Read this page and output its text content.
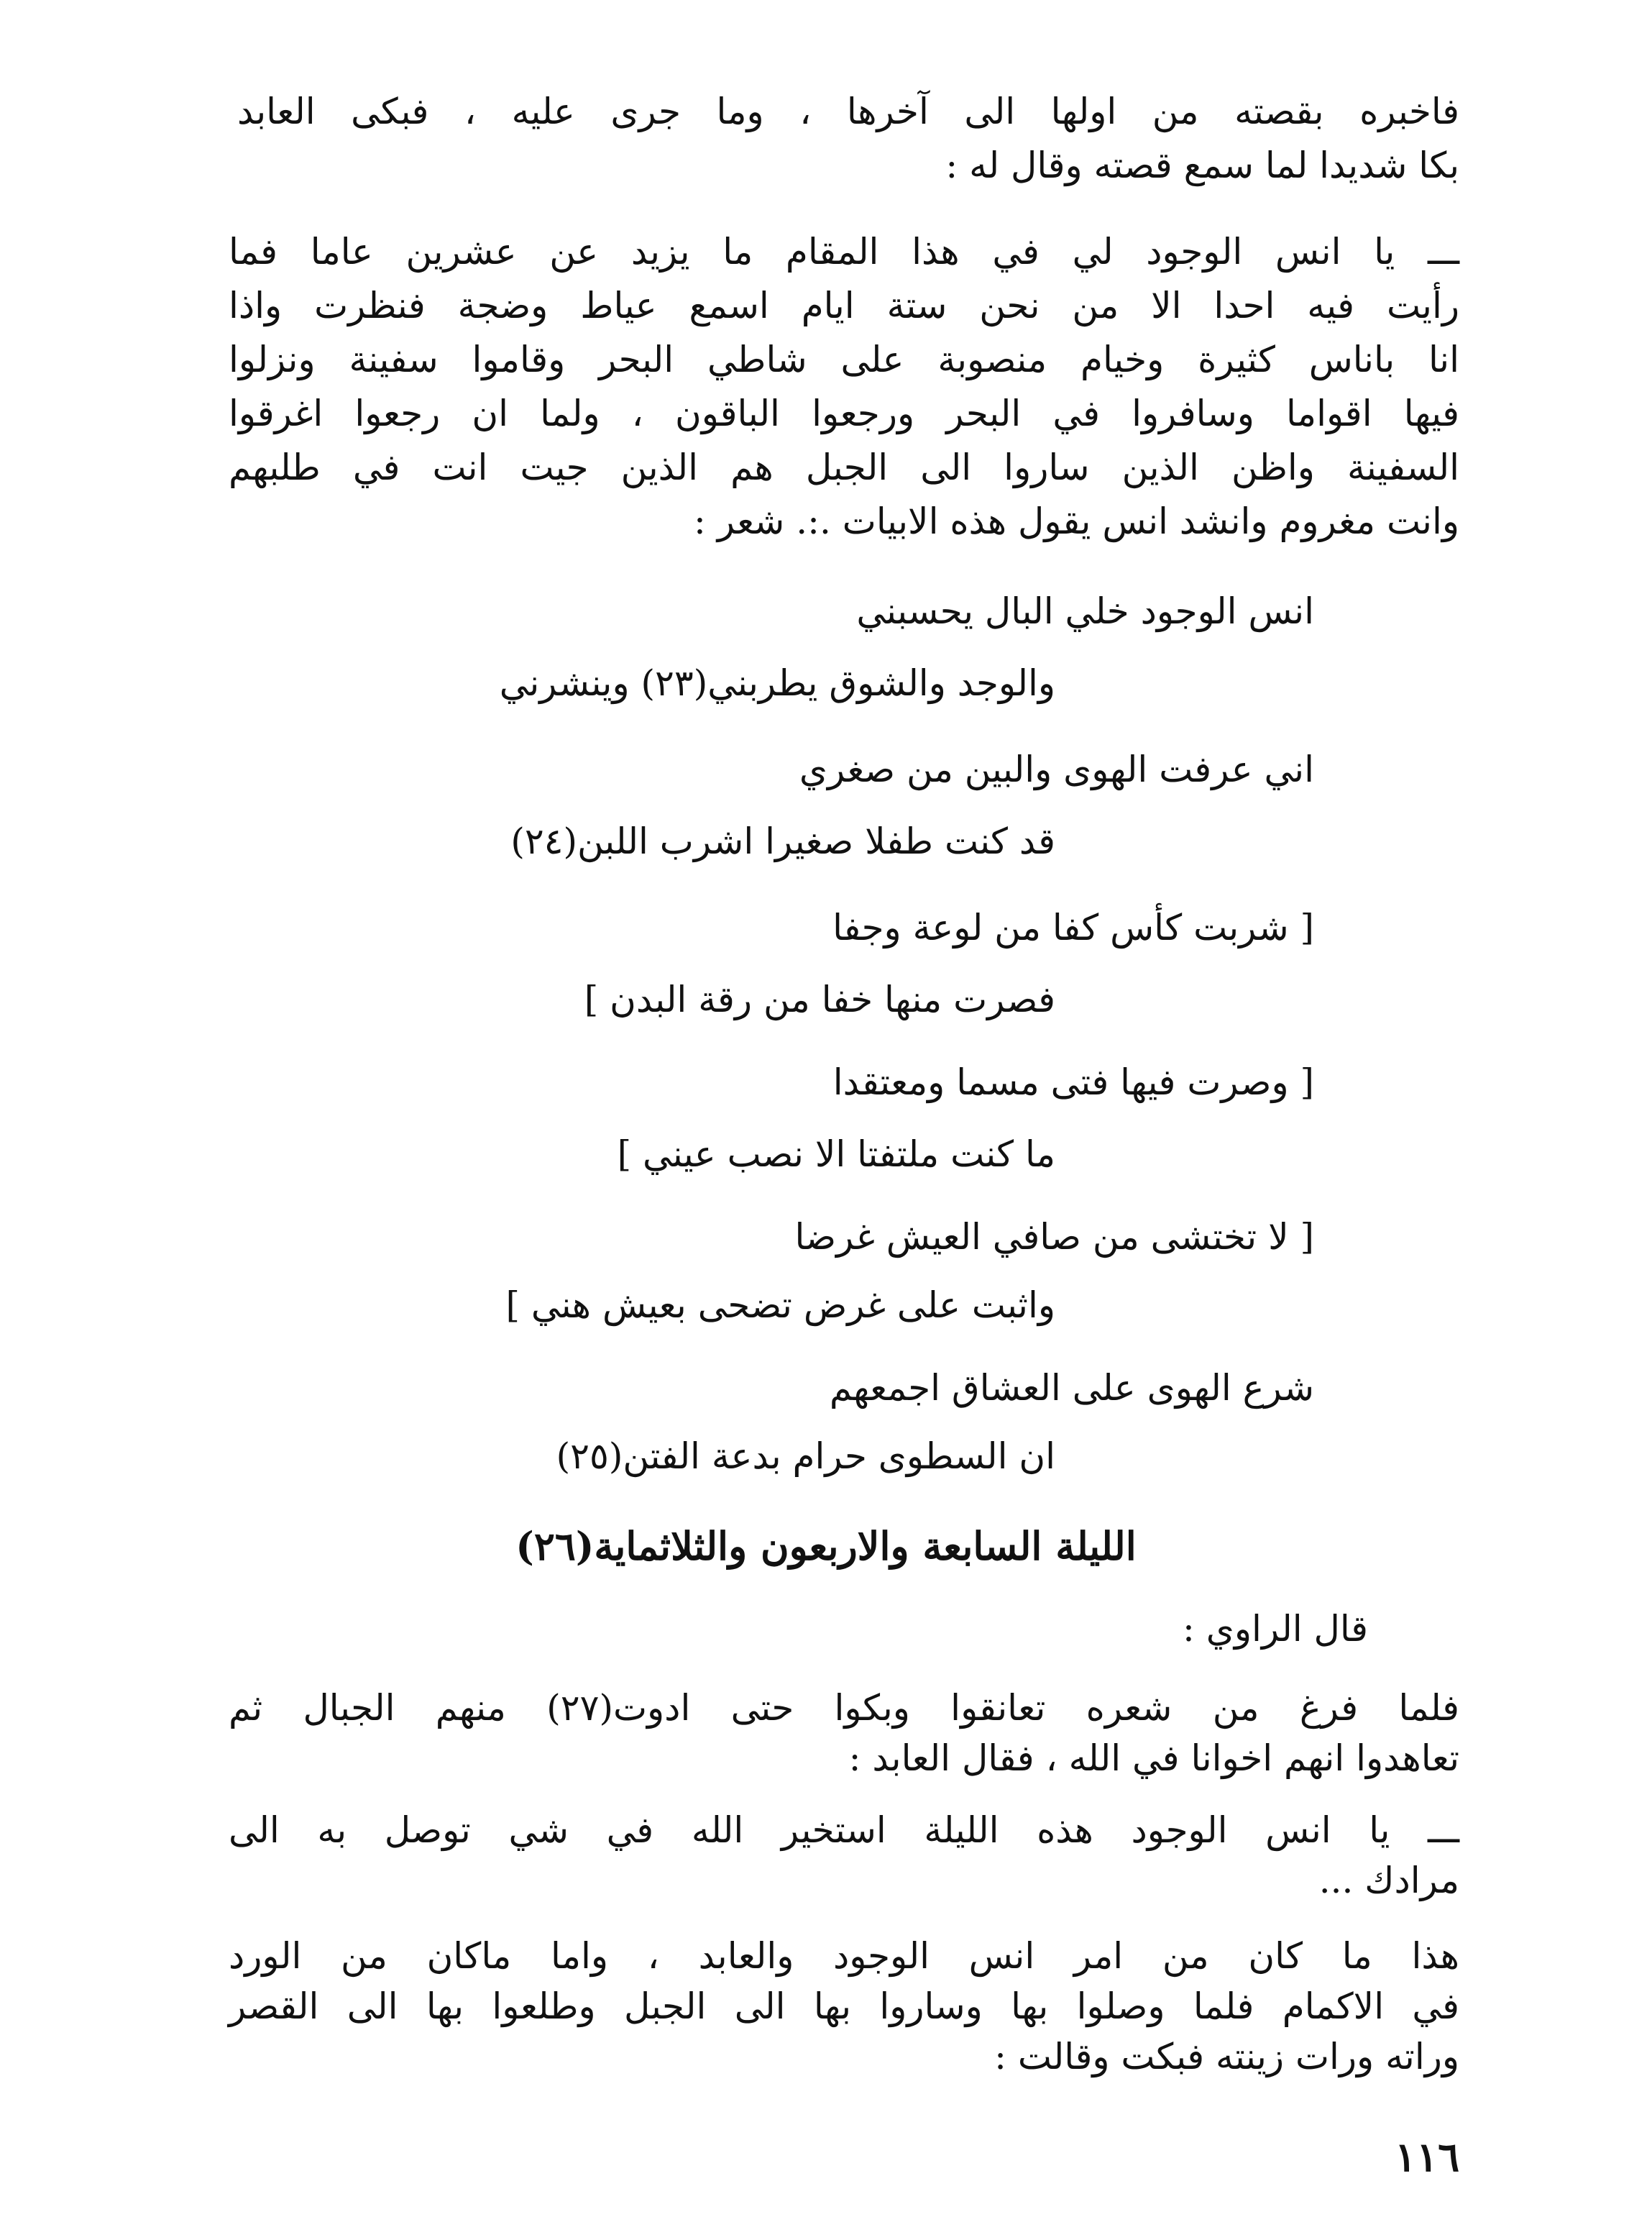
فاخبره بقصته من اولها الى آخرها ، وما جرى عليه ، فبكى العابد
بكا شديدا لما سمع قصته وقال له :
ـــ يا انس الوجود لي في هذا المقام ما يزيد عن عشرين عاما فما
رأيت فيه احدا الا من نحن ستة ايام اسمع عياط وضجة فنظرت واذا
انا باناس كثيرة وخيام منصوبة على شاطي البحر وقاموا سفينة ونزلوا
فيها اقواما وسافروا في البحر ورجعوا الباقون ، ولما ان رجعوا اغرقوا
السفينة واظن الذين ساروا الى الجبل هم الذين جيت انت في طلبهم
وانت مغروم وانشد انس يقول هذه الابيات .:. شعر :
انس الوجود خلي البال يحسبني
والوجد والشوق يطربني(٢٣) وينشرني
اني عرفت الهوى والبين من صغري
قد كنت طفلا صغيرا اشرب اللبن(٢٤)
[ شربت كأس كفا من لوعة وجفا
فصرت منها خفا من رقة البدن ]
[ وصرت فيها فتى مسما ومعتقدا
ما كنت ملتفتا الا نصب عيني ]
[ لا تختشى من صافي العيش غرضا
واثبت على غرض تضحى بعيش هني ]
شرع الهوى على العشاق اجمعهم
ان السطوى حرام بدعة الفتن(٢٥)
الليلة السابعة والاربعون والثلاثماية(٢٦)
قال الراوي :
فلما فرغ من شعره تعانقوا وبكوا حتى ادوت(٢٧) منهم الجبال ثم
تعاهدوا انهم اخوانا في الله ، فقال العابد :
ـــ يا انس الوجود هذه الليلة استخير الله في شي توصل به الى
مرادك ...
هذا ما كان من امر انس الوجود والعابد ، واما ماكان من الورد
في الاكمام فلما وصلوا بها وساروا بها الى الجبل وطلعوا بها الى القصر
وراته ورات زينته فبكت وقالت :
١١٦
